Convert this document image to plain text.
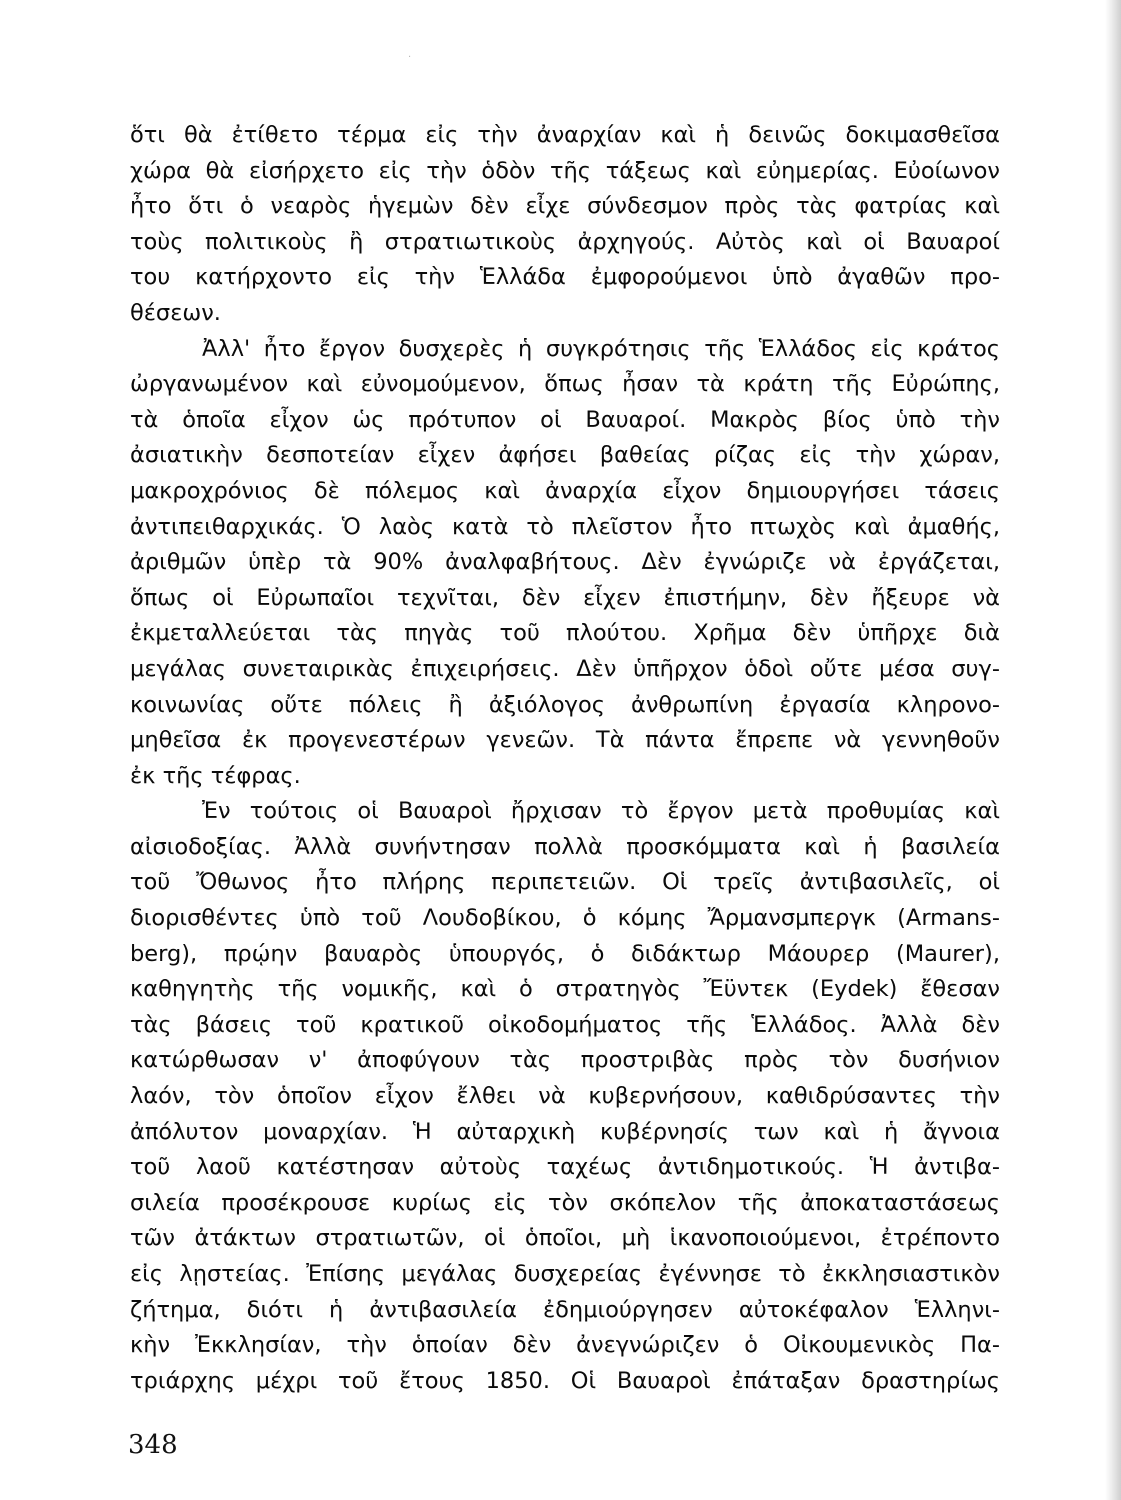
·
ὅτι θὰ ἐτίθετο τέρμα εἰς τὴν ἀναρχίαν καὶ ἡ δεινῶς δοκιμασθεῖσα
χώρα θὰ εἰσήρχετο εἰς τὴν ὁδὸν τῆς τάξεως καὶ εὐημερίας. Εὐοίωνον
ἦτο ὅτι ὁ νεαρὸς ἡγεμὼν δὲν εἶχε σύνδεσμον πρὸς τὰς φατρίας καὶ
τοὺς πολιτικοὺς ἢ στρατιωτικοὺς ἀρχηγούς. Αὐτὸς καὶ οἱ Βαυαροί
του κατήρχοντο εἰς τὴν Ἑλλάδα ἐμφορούμενοι ὑπὸ ἀγαθῶν προ-
θέσεων.
Ἀλλ' ἦτο ἔργον δυσχερὲς ἡ συγκρότησις τῆς Ἑλλάδος εἰς κράτος
ὠργανωμένον καὶ εὐνομούμενον, ὅπως ἦσαν τὰ κράτη τῆς Εὐρώπης,
τὰ ὁποῖα εἶχον ὡς πρότυπον οἱ Βαυαροί. Μακρὸς βίος ὑπὸ τὴν
ἀσιατικὴν δεσποτείαν εἶχεν ἀφήσει βαθείας ρίζας εἰς τὴν χώραν,
μακροχρόνιος δὲ πόλεμος καὶ ἀναρχία εἶχον δημιουργήσει τάσεις
ἀντιπειθαρχικάς. Ὁ λαὸς κατὰ τὸ πλεῖστον ἦτο πτωχὸς καὶ ἀμαθής,
ἀριθμῶν ὑπὲρ τὰ 90% ἀναλφαβήτους. Δὲν ἐγνώριζε νὰ ἐργάζεται,
ὅπως οἱ Εὐρωπαῖοι τεχνῖται, δὲν εἶχεν ἐπιστήμην, δὲν ἤξευρε νὰ
ἐκμεταλλεύεται τὰς πηγὰς τοῦ πλούτου. Χρῆμα δὲν ὑπῆρχε διὰ
μεγάλας συνεταιρικὰς ἐπιχειρήσεις. Δὲν ὑπῆρχον ὁδοὶ οὔτε μέσα συγ-
κοινωνίας οὔτε πόλεις ἢ ἀξιόλογος ἀνθρωπίνη ἐργασία κληρονο-
μηθεῖσα ἐκ προγενεστέρων γενεῶν. Τὰ πάντα ἔπρεπε νὰ γεννηθοῦν
ἐκ τῆς τέφρας.
Ἐν τούτοις οἱ Βαυαροὶ ἤρχισαν τὸ ἔργον μετὰ προθυμίας καὶ
αἰσιοδοξίας. Ἀλλὰ συνήντησαν πολλὰ προσκόμματα καὶ ἡ βασιλεία
τοῦ Ὄθωνος ἦτο πλήρης περιπετειῶν. Οἱ τρεῖς ἀντιβασιλεῖς, οἱ
διορισθέντες ὑπὸ τοῦ Λουδοβίκου, ὁ κόμης Ἄρμανσμπεργκ (Armans-
berg), πρῴην βαυαρὸς ὑπουργός, ὁ διδάκτωρ Μάουρερ (Maurer),
καθηγητὴς τῆς νομικῆς, καὶ ὁ στρατηγὸς Ἔϋντεκ (Eydek) ἔθεσαν
τὰς βάσεις τοῦ κρατικοῦ οἰκοδομήματος τῆς Ἑλλάδος. Ἀλλὰ δὲν
κατώρθωσαν ν' ἀποφύγουν τὰς προστριβὰς πρὸς τὸν δυσήνιον
λαόν, τὸν ὁποῖον εἶχον ἔλθει νὰ κυβερνήσουν, καθιδρύσαντες τὴν
ἀπόλυτον μοναρχίαν. Ἡ αὐταρχικὴ κυβέρνησίς των καὶ ἡ ἄγνοια
τοῦ λαοῦ κατέστησαν αὐτοὺς ταχέως ἀντιδημοτικούς. Ἡ ἀντιβα-
σιλεία προσέκρουσε κυρίως εἰς τὸν σκόπελον τῆς ἀποκαταστάσεως
τῶν ἀτάκτων στρατιωτῶν, οἱ ὁποῖοι, μὴ ἱκανοποιούμενοι, ἐτρέποντο
εἰς λῃστείας. Ἐπίσης μεγάλας δυσχερείας ἐγέννησε τὸ ἐκκλησιαστικὸν
ζήτημα, διότι ἡ ἀντιβασιλεία ἐδημιούργησεν αὐτοκέφαλον Ἑλληνι-
κὴν Ἐκκλησίαν, τὴν ὁποίαν δὲν ἀνεγνώριζεν ὁ Οἰκουμενικὸς Πα-
τριάρχης μέχρι τοῦ ἔτους 1850. Οἱ Βαυαροὶ ἐπάταξαν δραστηρίως
348
